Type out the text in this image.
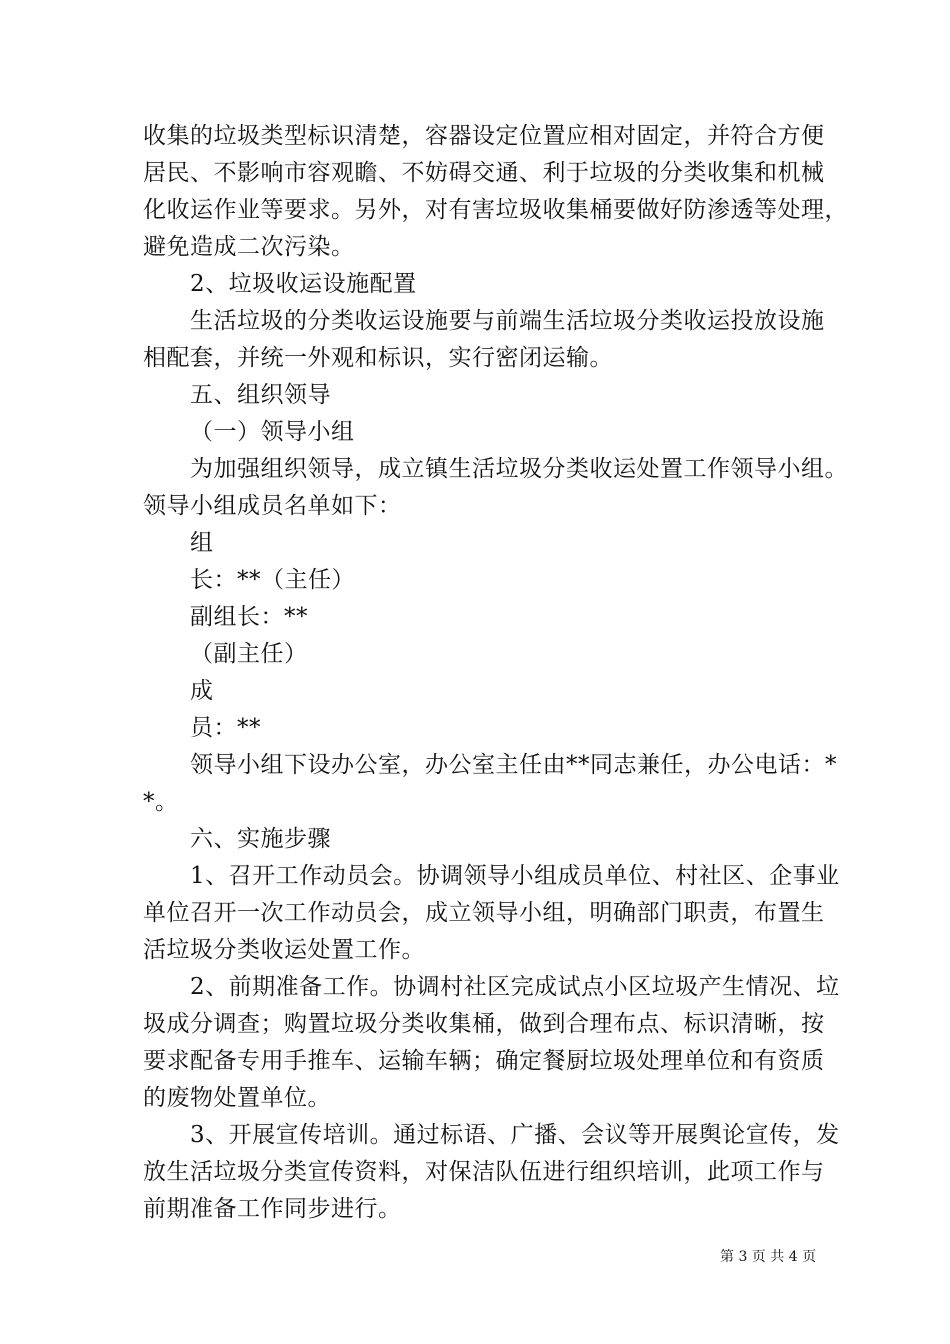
收集的垃圾类型标识清楚，容器设定位置应相对固定，并符合方便
居民、不影响市容观瞻、不妨碍交通、利于垃圾的分类收集和机械
化收运作业等要求。另外，对有害垃圾收集桶要做好防渗透等处理，
避免造成二次污染。
2、垃圾收运设施配置
生活垃圾的分类收运设施要与前端生活垃圾分类收运投放设施
相配套，并统一外观和标识，实行密闭运输。
五、组织领导
（一）领导小组
为加强组织领导，成立镇生活垃圾分类收运处置工作领导小组。
领导小组成员名单如下：
组
长：**（主任）
副组长：**
（副主任）
成
员：**
领导小组下设办公室，办公室主任由**同志兼任，办公电话：*
*。
六、实施步骤
1、召开工作动员会。协调领导小组成员单位、村社区、企事业
单位召开一次工作动员会，成立领导小组，明确部门职责，布置生
活垃圾分类收运处置工作。
2、前期准备工作。协调村社区完成试点小区垃圾产生情况、垃
圾成分调查；购置垃圾分类收集桶，做到合理布点、标识清晰，按
要求配备专用手推车、运输车辆；确定餐厨垃圾处理单位和有资质
的废物处置单位。
3、开展宣传培训。通过标语、广播、会议等开展舆论宣传，发
放生活垃圾分类宣传资料，对保洁队伍进行组织培训，此项工作与
前期准备工作同步进行。
第 3 页 共 4 页
